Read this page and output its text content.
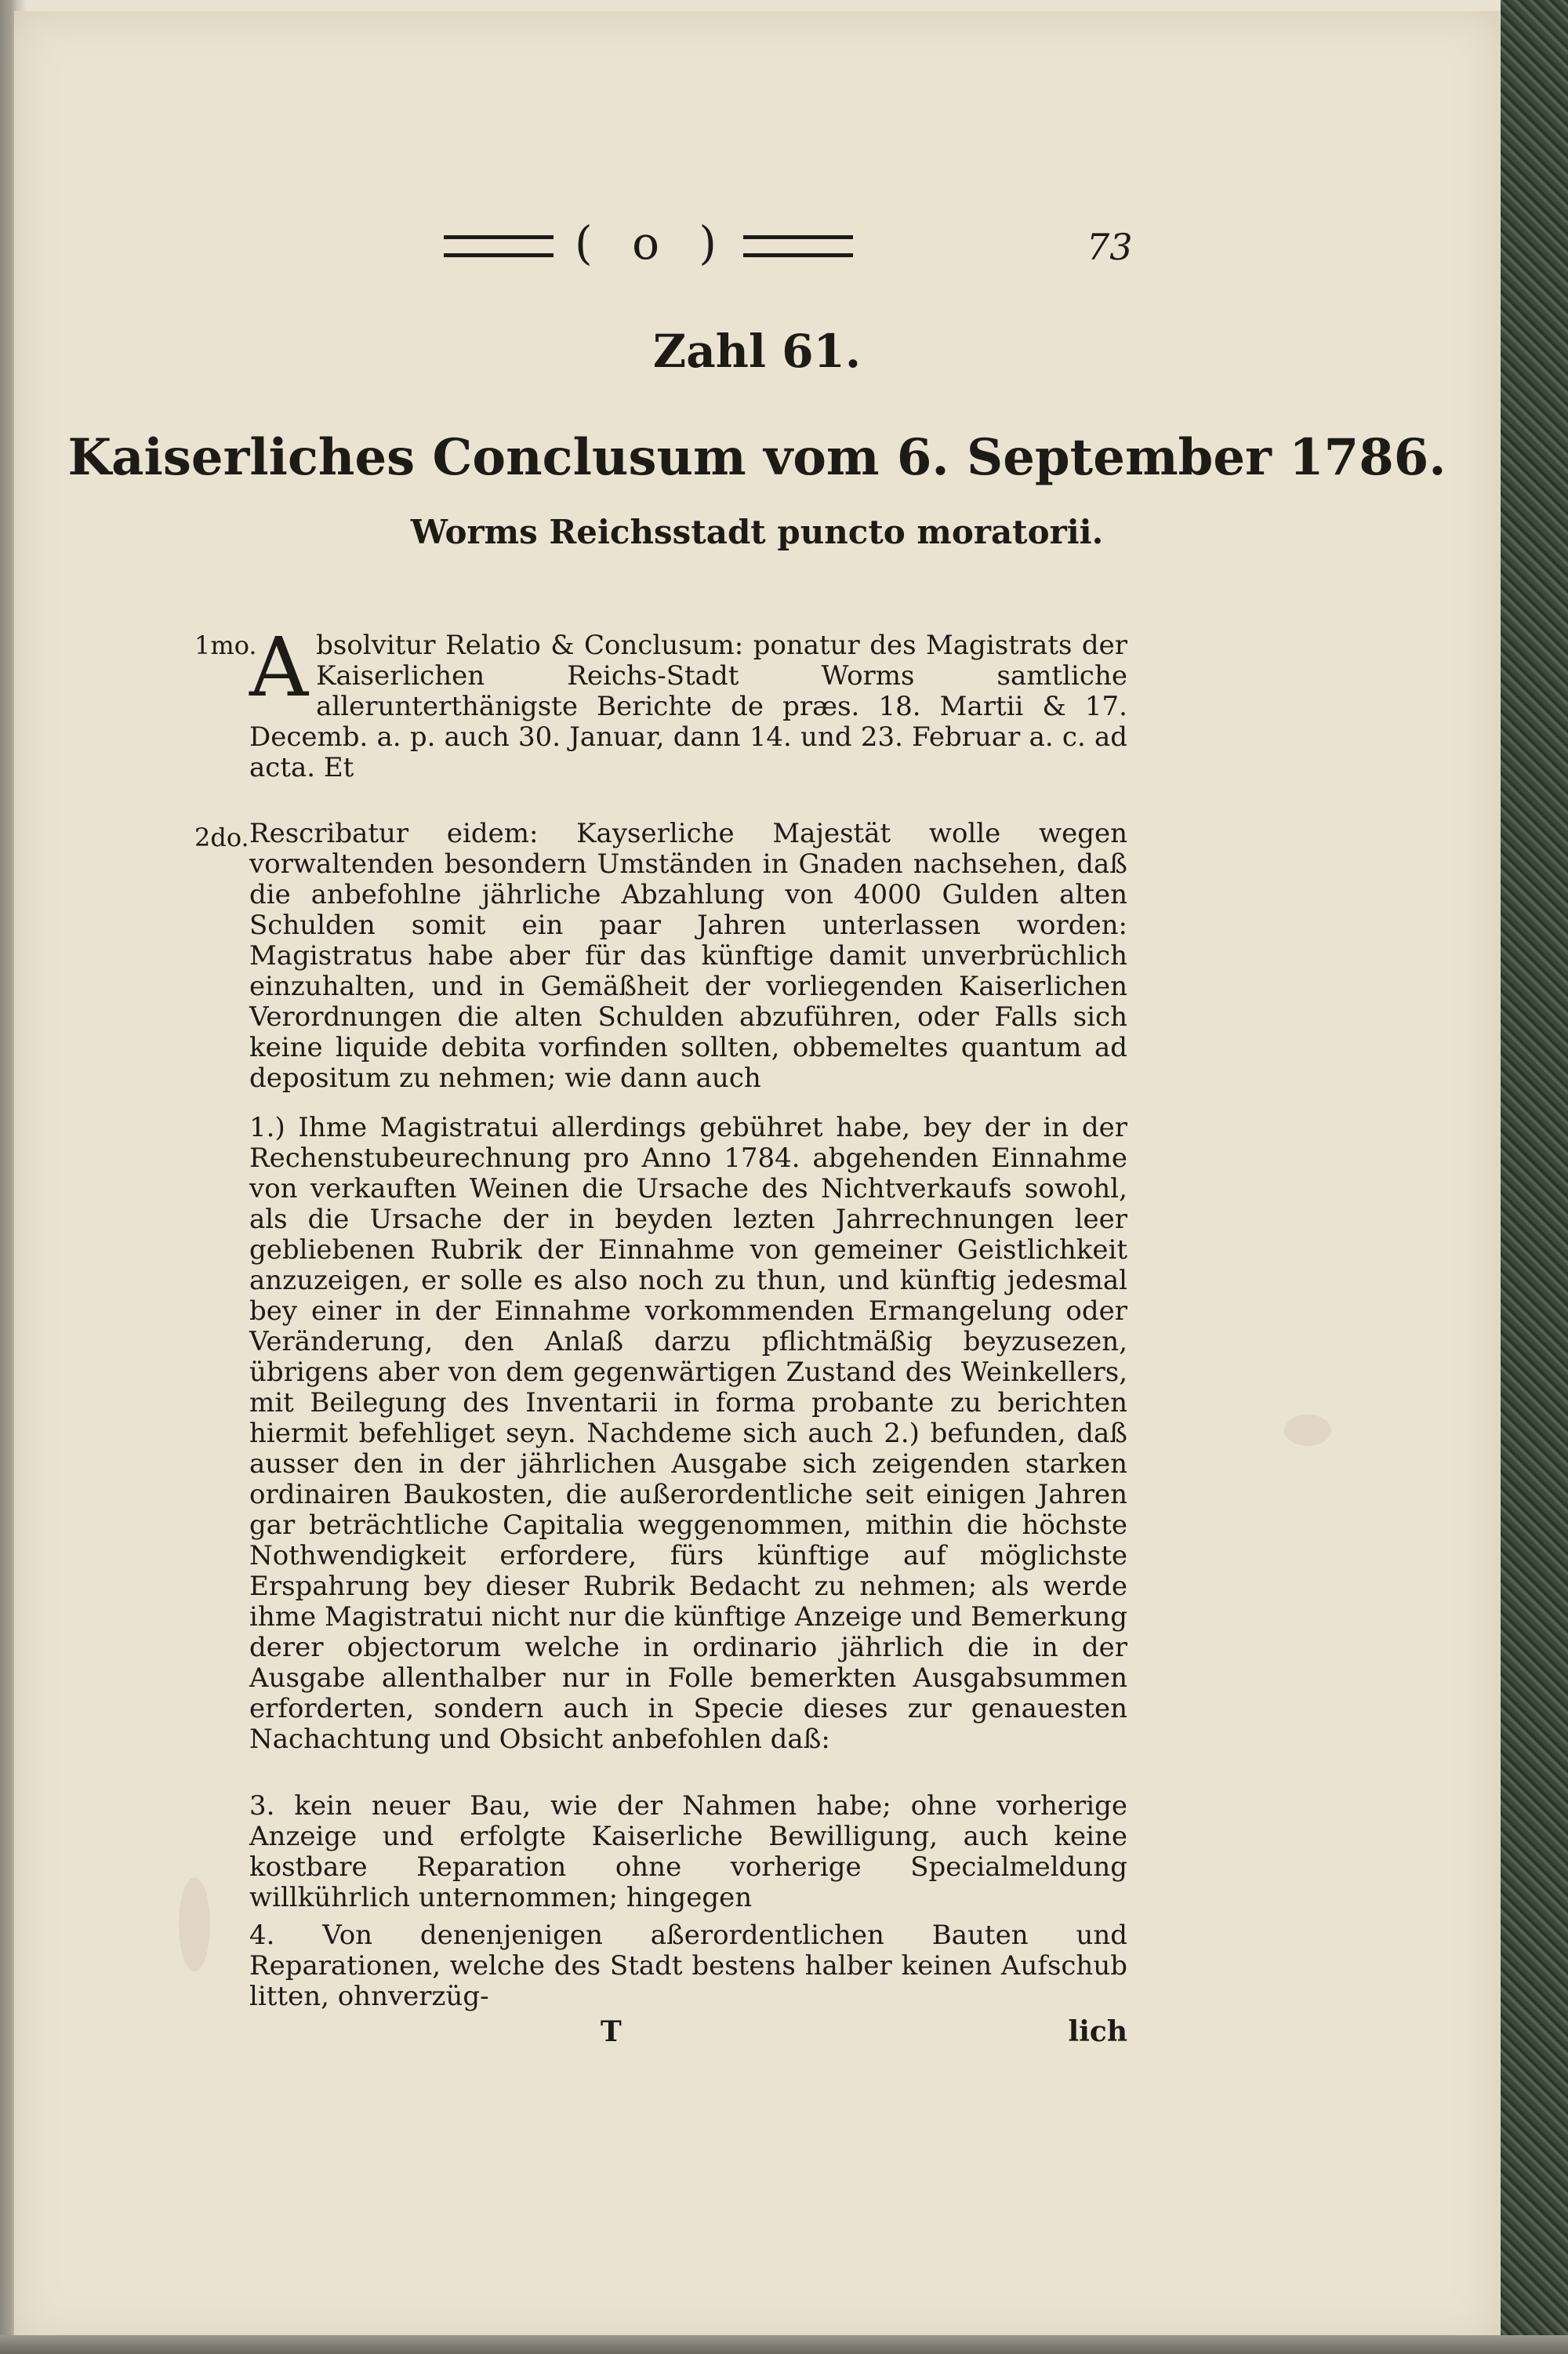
( o )	73
Zahl 61.
Kaiserliches Conclusum vom 6. September 1786.
Worms Reichsstadt puncto moratorii.
1mo.
Absolvitur Relatio & Conclusum: ponatur des Magistrats der Kaiserlichen Reichs-Stadt Worms samtliche allerunterthänigste Berichte de præs. 18. Martii & 17. Decemb. a. p. auch 30. Januar, dann 14. und 23. Februar a. c. ad acta. Et
2do. Rescribatur eidem: Kayserliche Majestät wolle wegen vorwaltenden besondern Umständen in Gnaden nachsehen, daß die anbefohlne jährliche Abzahlung von 4000 Gulden alten Schulden somit ein paar Jahren unterlassen worden: Magistratus habe aber für das künftige damit unverbrüchlich einzuhalten, und in Gemäßheit der vorliegenden Kaiserlichen Verordnungen die alten Schulden abzuführen, oder Falls sich keine liquide debita vorfinden sollten, obbemeltes quantum ad depositum zu nehmen; wie dann auch
1.) Ihme Magistratui allerdings gebühret habe, bey der in der Rechenstubeurechnung pro Anno 1784. abgehenden Einnahme von verkauften Weinen die Ursache des Nichtverkaufs sowohl, als die Ursache der in beyden lezten Jahrrechnungen leer gebliebenen Rubrik der Einnahme von gemeiner Geistlichkeit anzuzeigen, er solle es also noch zu thun, und künftig jedesmal bey einer in der Einnahme vorkommenden Ermangelung oder Veränderung, den Anlaß darzu pflichtmäßig beyzusezen, übrigens aber von dem gegenwärtigen Zustand des Weinkellers, mit Beilegung des Inventarii in forma probante zu berichten hiermit befehliget seyn. Nachdeme sich auch 2.) befunden, daß ausser den in der jährlichen Ausgabe sich zeigenden starken ordinairen Baukosten, die außerordentliche seit einigen Jahren gar beträchtliche Capitalia weggenommen, mithin die höchste Nothwendigkeit erfordere, fürs künftige auf möglichste Erspahrung bey dieser Rubrik Bedacht zu nehmen; als werde ihme Magistratui nicht nur die künftige Anzeige und Bemerkung derer objectorum welche in ordinario jährlich die in der Ausgabe allenthalber nur in Folle bemerkten Ausgabsummen erforderten, sondern auch in Specie dieses zur genauesten Nachachtung und Obsicht anbefohlen daß:
3. kein neuer Bau, wie der Nahmen habe; ohne vorherige Anzeige und erfolgte Kaiserliche Bewilligung, auch keine kostbare Reparation ohne vorherige Specialmeldung willkührlich unternommen; hingegen
4. Von denenjenigen aßerordentlichen Bauten und Reparationen, welche des Stadt bestens halber keinen Aufschub litten, ohnverzüg-
T	lich
